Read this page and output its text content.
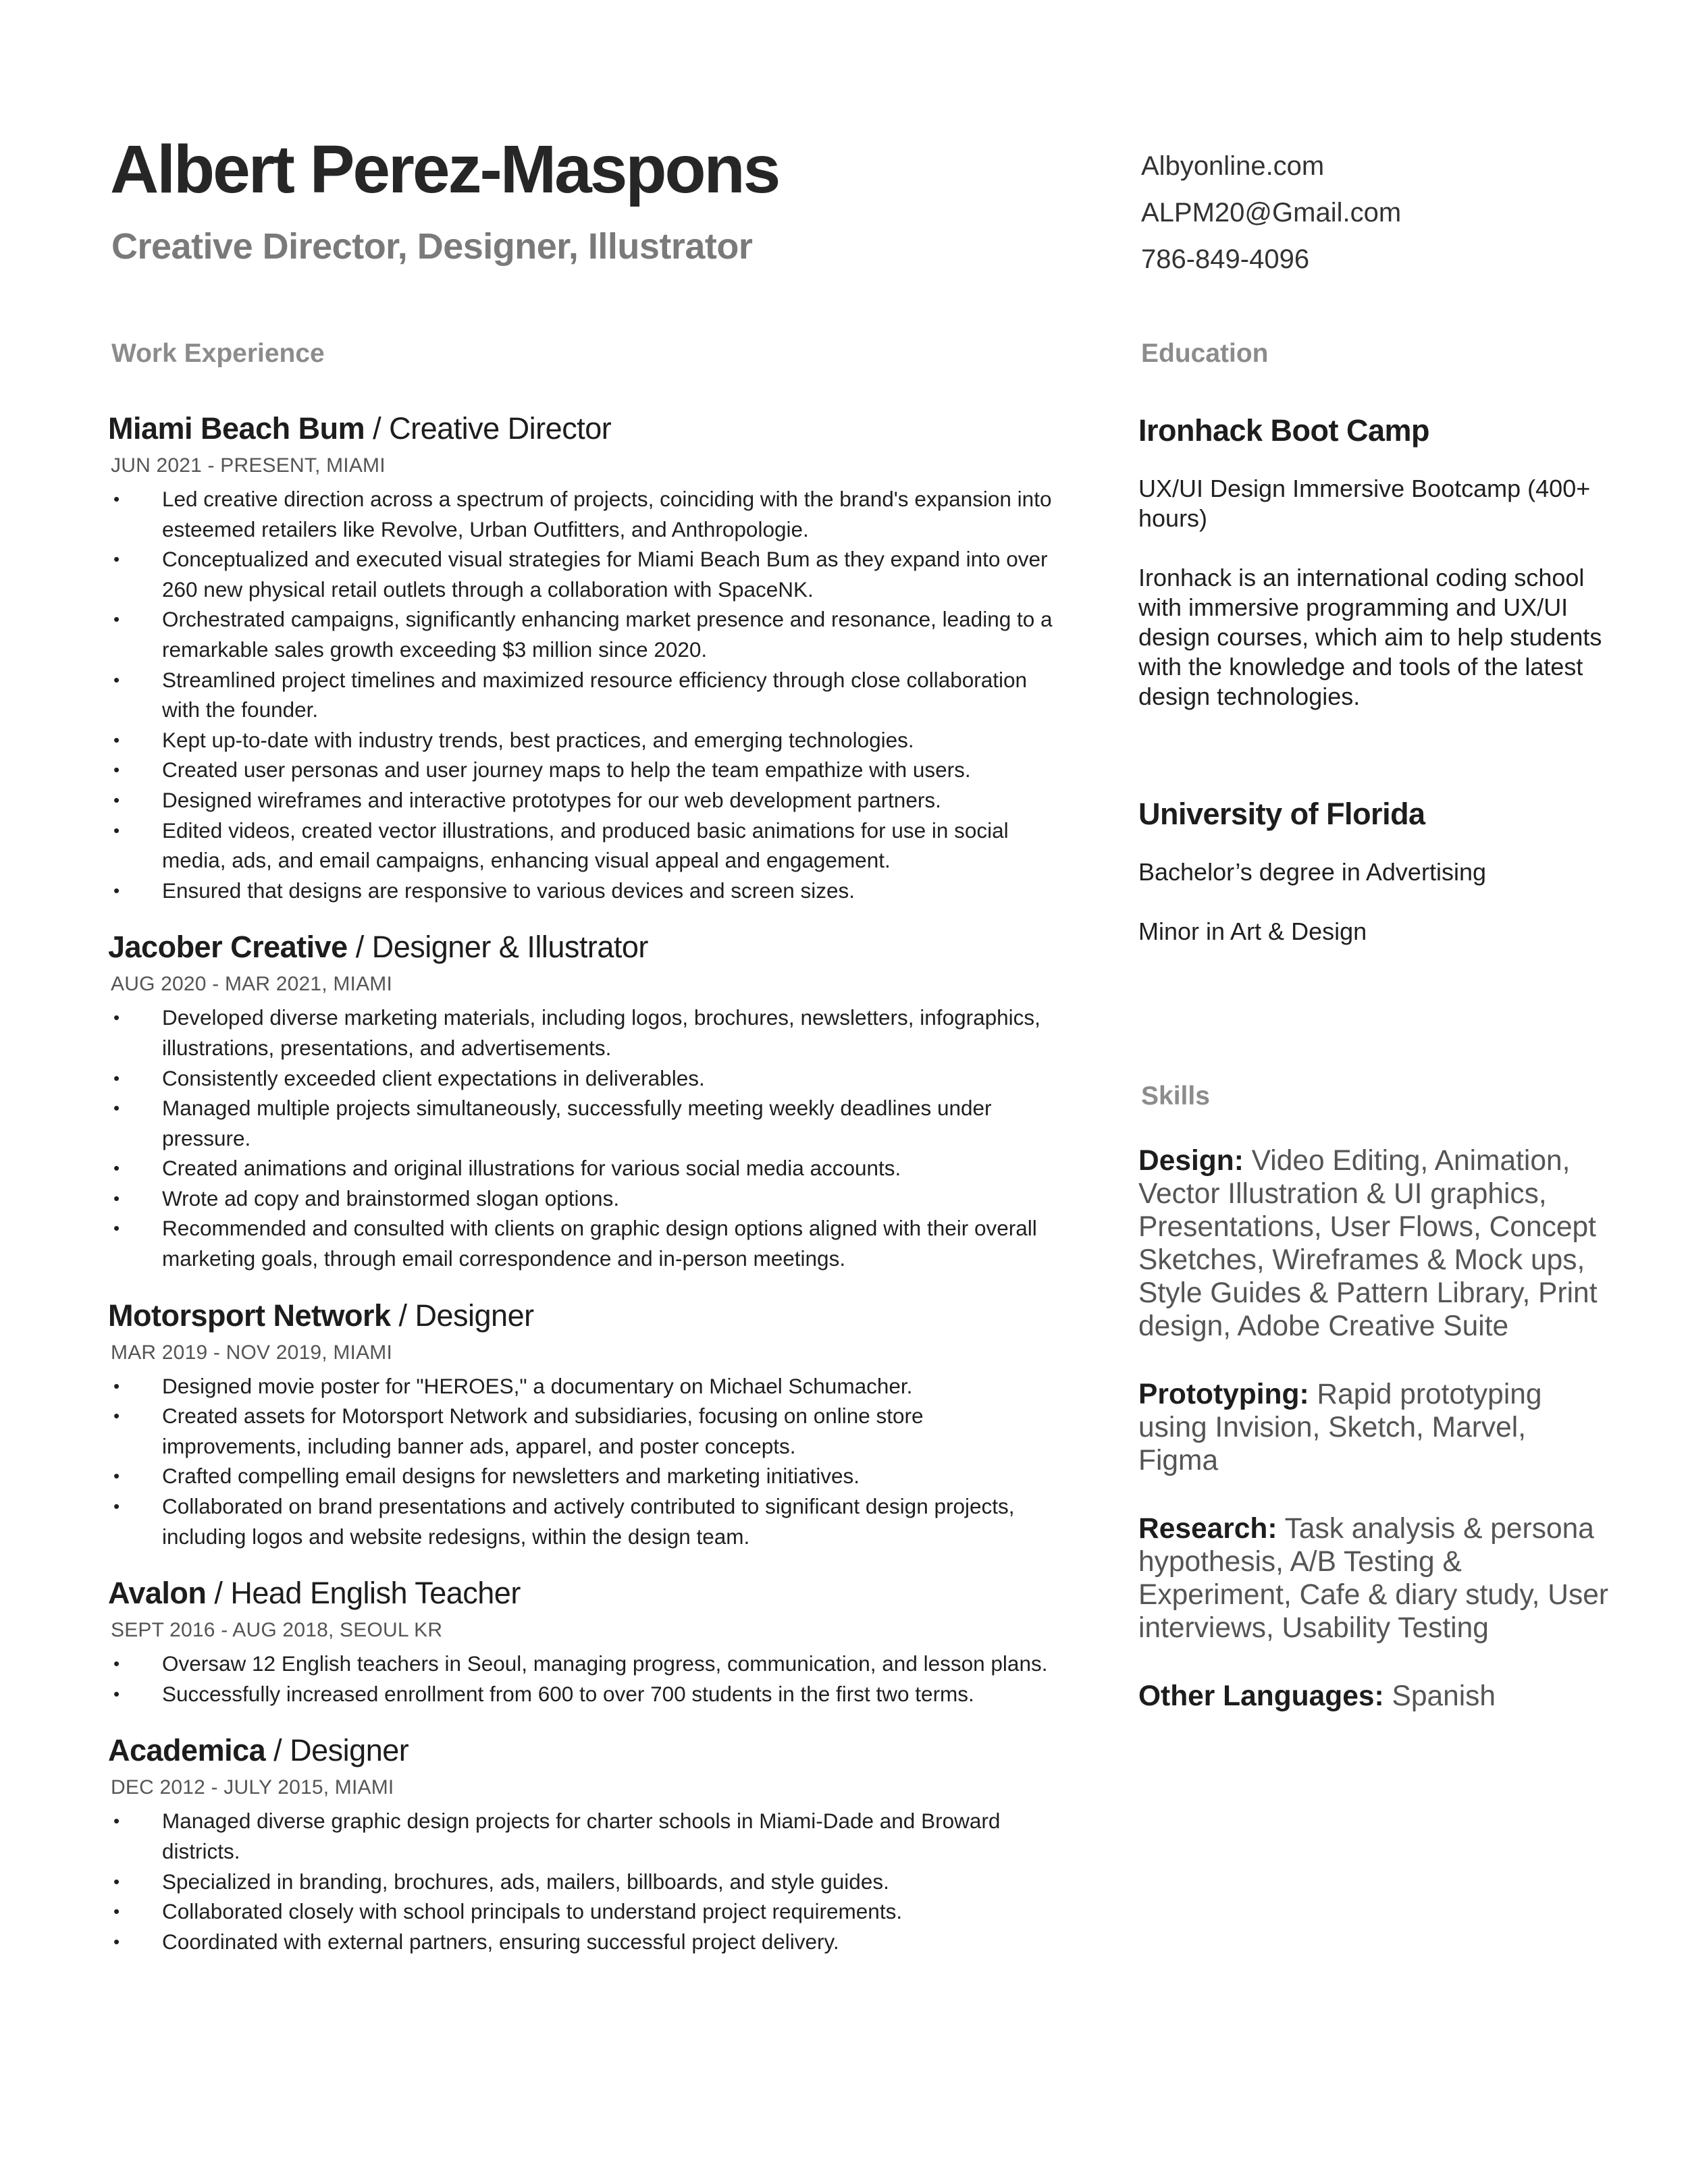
Albert Perez-Maspons
Creative Director, Designer, Illustrator
Albyonline.com
ALPM20@Gmail.com
786-849-4096
Work Experience	Education
Skills
Miami Beach Bum / Creative Director
JUN 2021 - PRESENT, MIAMI
• Led creative direction across a spectrum of projects, coinciding with the brand's expansion into esteemed retailers like Revolve, Urban Outfitters, and Anthropologie.
• Conceptualized and executed visual strategies for Miami Beach Bum as they expand into over 260 new physical retail outlets through a collaboration with SpaceNK.
• Orchestrated campaigns, significantly enhancing market presence and resonance, leading to a remarkable sales growth exceeding $3 million since 2020.
• Streamlined project timelines and maximized resource efficiency through close collaboration with the founder.
• Kept up-to-date with industry trends, best practices, and emerging technologies.
• Created user personas and user journey maps to help the team empathize with users.
• Designed wireframes and interactive prototypes for our web development partners.
• Edited videos, created vector illustrations, and produced basic animations for use in social media, ads, and email campaigns, enhancing visual appeal and engagement.
• Ensured that designs are responsive to various devices and screen sizes.
Jacober Creative / Designer & Illustrator
AUG 2020 - MAR 2021, MIAMI
• Developed diverse marketing materials, including logos, brochures, newsletters, infographics, illustrations, presentations, and advertisements.
• Consistently exceeded client expectations in deliverables.
• Managed multiple projects simultaneously, successfully meeting weekly deadlines under pressure.
• Created animations and original illustrations for various social media accounts.
• Wrote ad copy and brainstormed slogan options.
• Recommended and consulted with clients on graphic design options aligned with their overall marketing goals, through email correspondence and in-person meetings.
Motorsport Network / Designer
MAR 2019 - NOV 2019, MIAMI
• Designed movie poster for "HEROES," a documentary on Michael Schumacher.
• Created assets for Motorsport Network and subsidiaries, focusing on online store improvements, including banner ads, apparel, and poster concepts.
• Crafted compelling email designs for newsletters and marketing initiatives.
• Collaborated on brand presentations and actively contributed to significant design projects, including logos and website redesigns, within the design team.
Avalon / Head English Teacher
SEPT 2016 - AUG 2018, SEOUL KR
• Oversaw 12 English teachers in Seoul, managing progress, communication, and lesson plans.
• Successfully increased enrollment from 600 to over 700 students in the first two terms.
Academica / Designer
DEC 2012 - JULY 2015, MIAMI
• Managed diverse graphic design projects for charter schools in Miami-Dade and Broward districts.
• Specialized in branding, brochures, ads, mailers, billboards, and style guides.
• Collaborated closely with school principals to understand project requirements.
• Coordinated with external partners, ensuring successful project delivery.
Ironhack Boot Camp

UX/UI Design Immersive Bootcamp (400+ hours)

Ironhack is an international coding school with immersive programming and UX/UI design courses, which aim to help students with the knowledge and tools of the latest design technologies.

University of Florida

Bachelor’s degree in Advertising

Minor in Art & Design

Design: Video Editing, Animation, Vector Illustration & UI graphics, Presentations, User Flows, Concept Sketches, Wireframes & Mock ups, Style Guides & Pattern Library, Print design, Adobe Creative Suite

Prototyping: Rapid prototyping using Invision, Sketch, Marvel, Figma

Research: Task analysis & persona hypothesis, A/B Testing & Experiment, Cafe & diary study, User interviews, Usability Testing

Other Languages: Spanish
